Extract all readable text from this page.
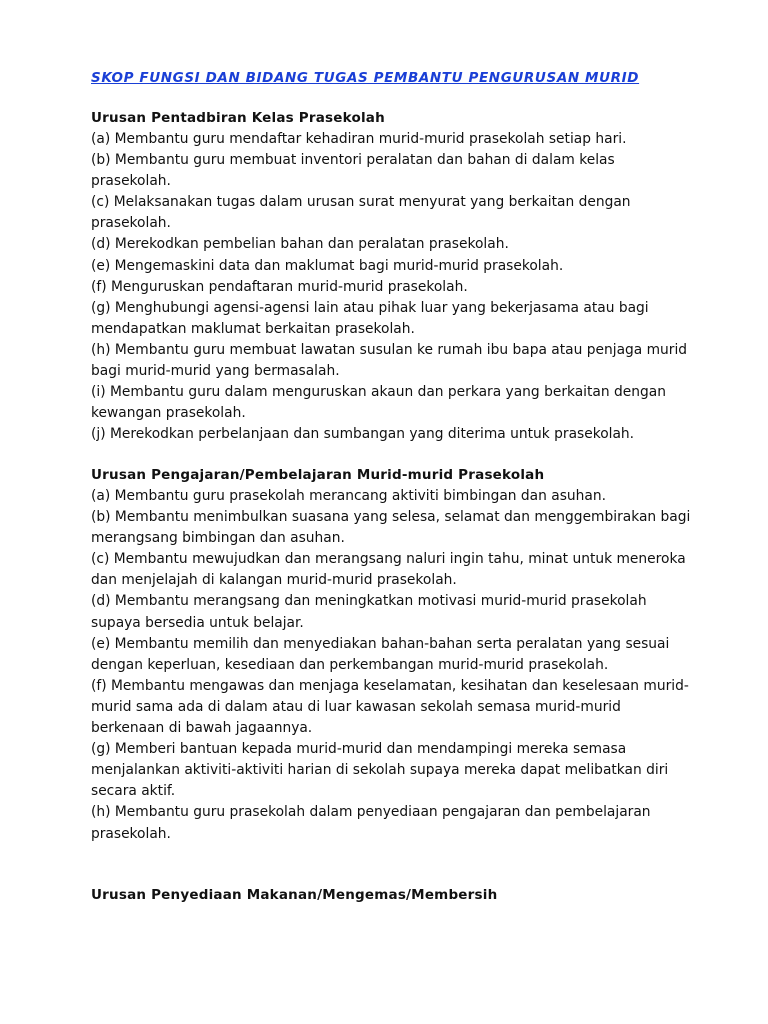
SKOP FUNGSI DAN BIDANG TUGAS PEMBANTU PENGURUSAN MURID
Urusan Pentadbiran Kelas Prasekolah
(a) Membantu guru mendaftar kehadiran murid-murid prasekolah setiap hari.
(b) Membantu guru membuat inventori peralatan dan bahan di dalam kelas
prasekolah.
(c) Melaksanakan tugas dalam urusan surat menyurat yang berkaitan dengan
prasekolah.
(d) Merekodkan pembelian bahan dan peralatan prasekolah.
(e) Mengemaskini data dan maklumat bagi murid-murid prasekolah.
(f) Menguruskan pendaftaran murid-murid prasekolah.
(g) Menghubungi agensi-agensi lain atau pihak luar yang bekerjasama atau bagi
mendapatkan maklumat berkaitan prasekolah.
(h) Membantu guru membuat lawatan susulan ke rumah ibu bapa atau penjaga murid
bagi murid-murid yang bermasalah.
(i) Membantu guru dalam menguruskan akaun dan perkara yang berkaitan dengan
kewangan prasekolah.
(j) Merekodkan perbelanjaan dan sumbangan yang diterima untuk prasekolah.
Urusan Pengajaran/Pembelajaran Murid-murid Prasekolah
(a) Membantu guru prasekolah merancang aktiviti bimbingan dan asuhan.
(b) Membantu menimbulkan suasana yang selesa, selamat dan menggembirakan bagi
merangsang bimbingan dan asuhan.
(c) Membantu mewujudkan dan merangsang naluri ingin tahu, minat untuk meneroka
dan menjelajah di kalangan murid-murid prasekolah.
(d) Membantu merangsang dan meningkatkan motivasi murid-murid prasekolah
supaya bersedia untuk belajar.
(e) Membantu memilih dan menyediakan bahan-bahan serta peralatan yang sesuai
dengan keperluan, kesediaan dan perkembangan murid-murid prasekolah.
(f) Membantu mengawas dan menjaga keselamatan, kesihatan dan keselesaan murid-
murid sama ada di dalam atau di luar kawasan sekolah semasa murid-murid
berkenaan di bawah jagaannya.
(g) Memberi bantuan kepada murid-murid dan mendampingi mereka semasa
menjalankan aktiviti-aktiviti harian di sekolah supaya mereka dapat melibatkan diri
secara aktif.
(h) Membantu guru prasekolah dalam penyediaan pengajaran dan pembelajaran
prasekolah.
Urusan Penyediaan Makanan/Mengemas/Membersih
